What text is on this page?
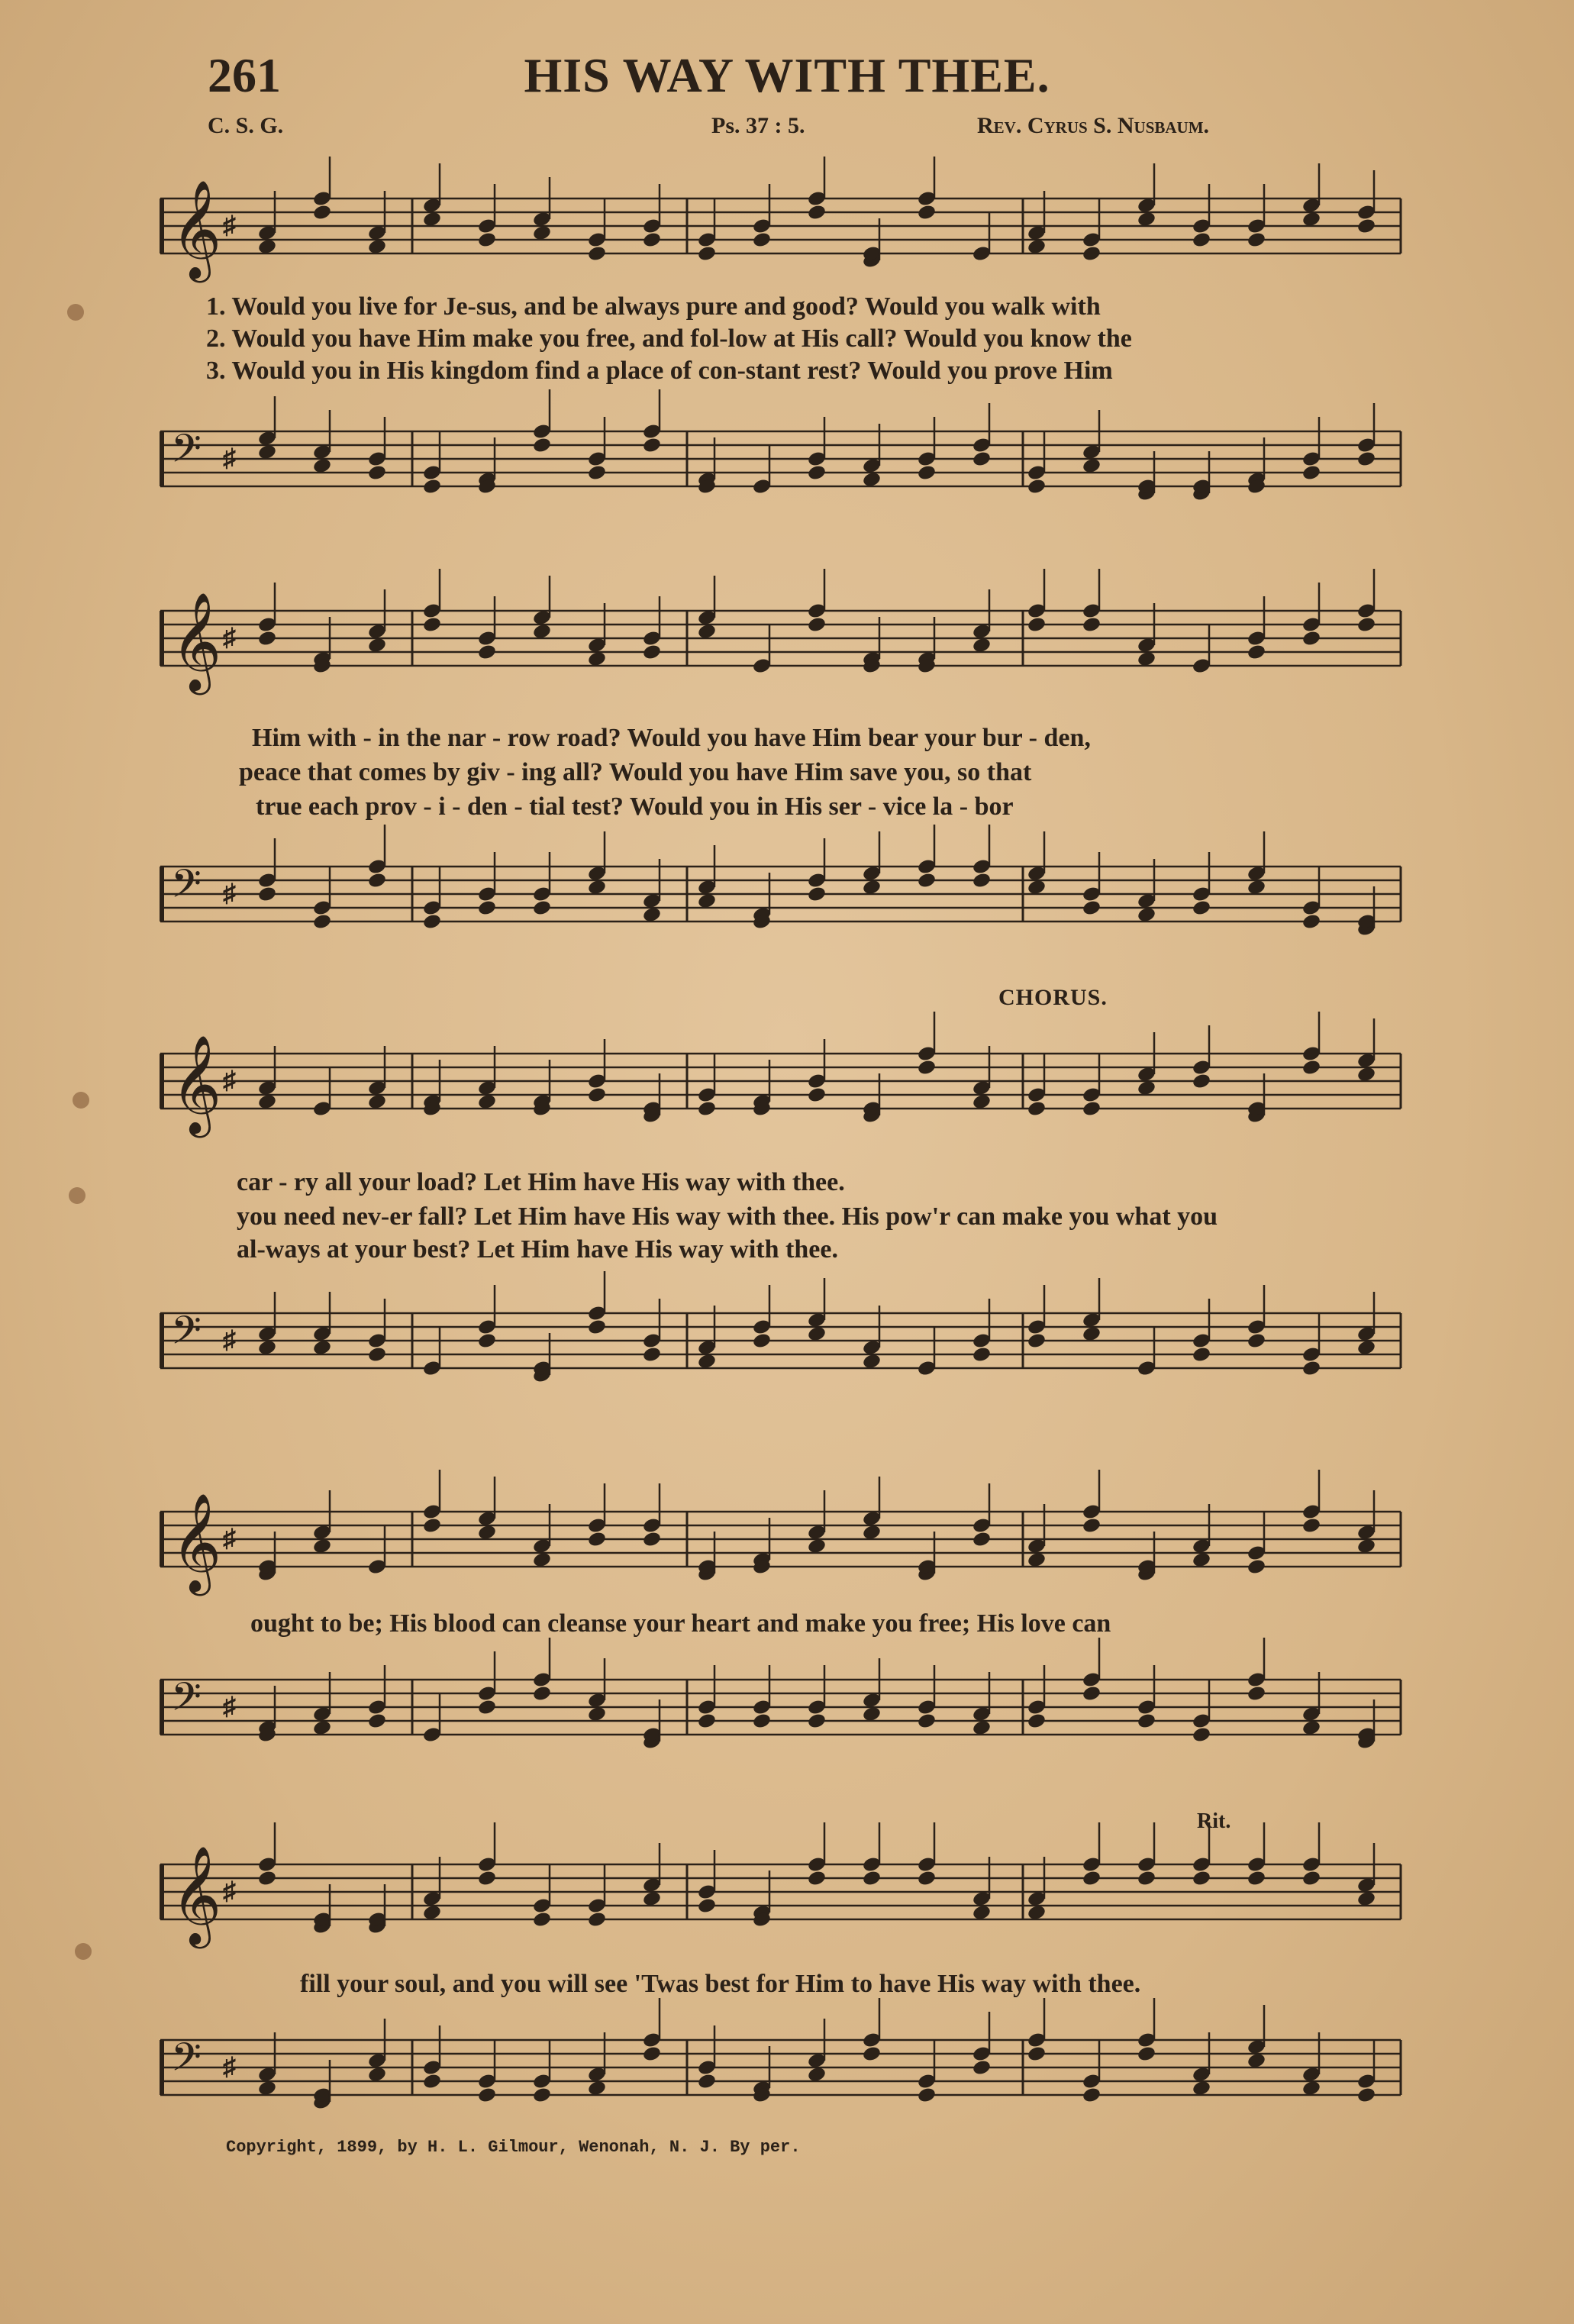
261	HIS WAY WITH THEE.
C. S. G.	Ps. 37 : 5.	Rev. Cyrus S. Nusbaum.
𝄞 ♯
1. Would you live for Je-sus, and be always pure and good? Would you walk with
2. Would you have Him make you free, and fol-low at His call? Would you know the
3. Would you in His kingdom find a place of con-stant rest? Would you prove Him
𝄢 ♯
𝄞 ♯
Him with - in the nar - row road? Would you have Him bear your bur - den,
peace that comes by giv - ing all? Would you have Him save you, so that
true each prov - i - den - tial test? Would you in His ser - vice la - bor
𝄢 ♯
CHORUS.
𝄞 ♯
car - ry all your load? Let Him have His way with thee.
you need nev-er fall? Let Him have His way with thee. His pow'r can make you what you
al-ways at your best? Let Him have His way with thee.
𝄢 ♯
𝄞 ♯
ought to be; His blood can cleanse your heart and make you free; His love can
𝄢 ♯
Rit.
𝄞 ♯
fill your soul, and you will see 'Twas best for Him to have His way with thee.
𝄢 ♯
Copyright, 1899, by H. L. Gilmour, Wenonah, N. J. By per.
